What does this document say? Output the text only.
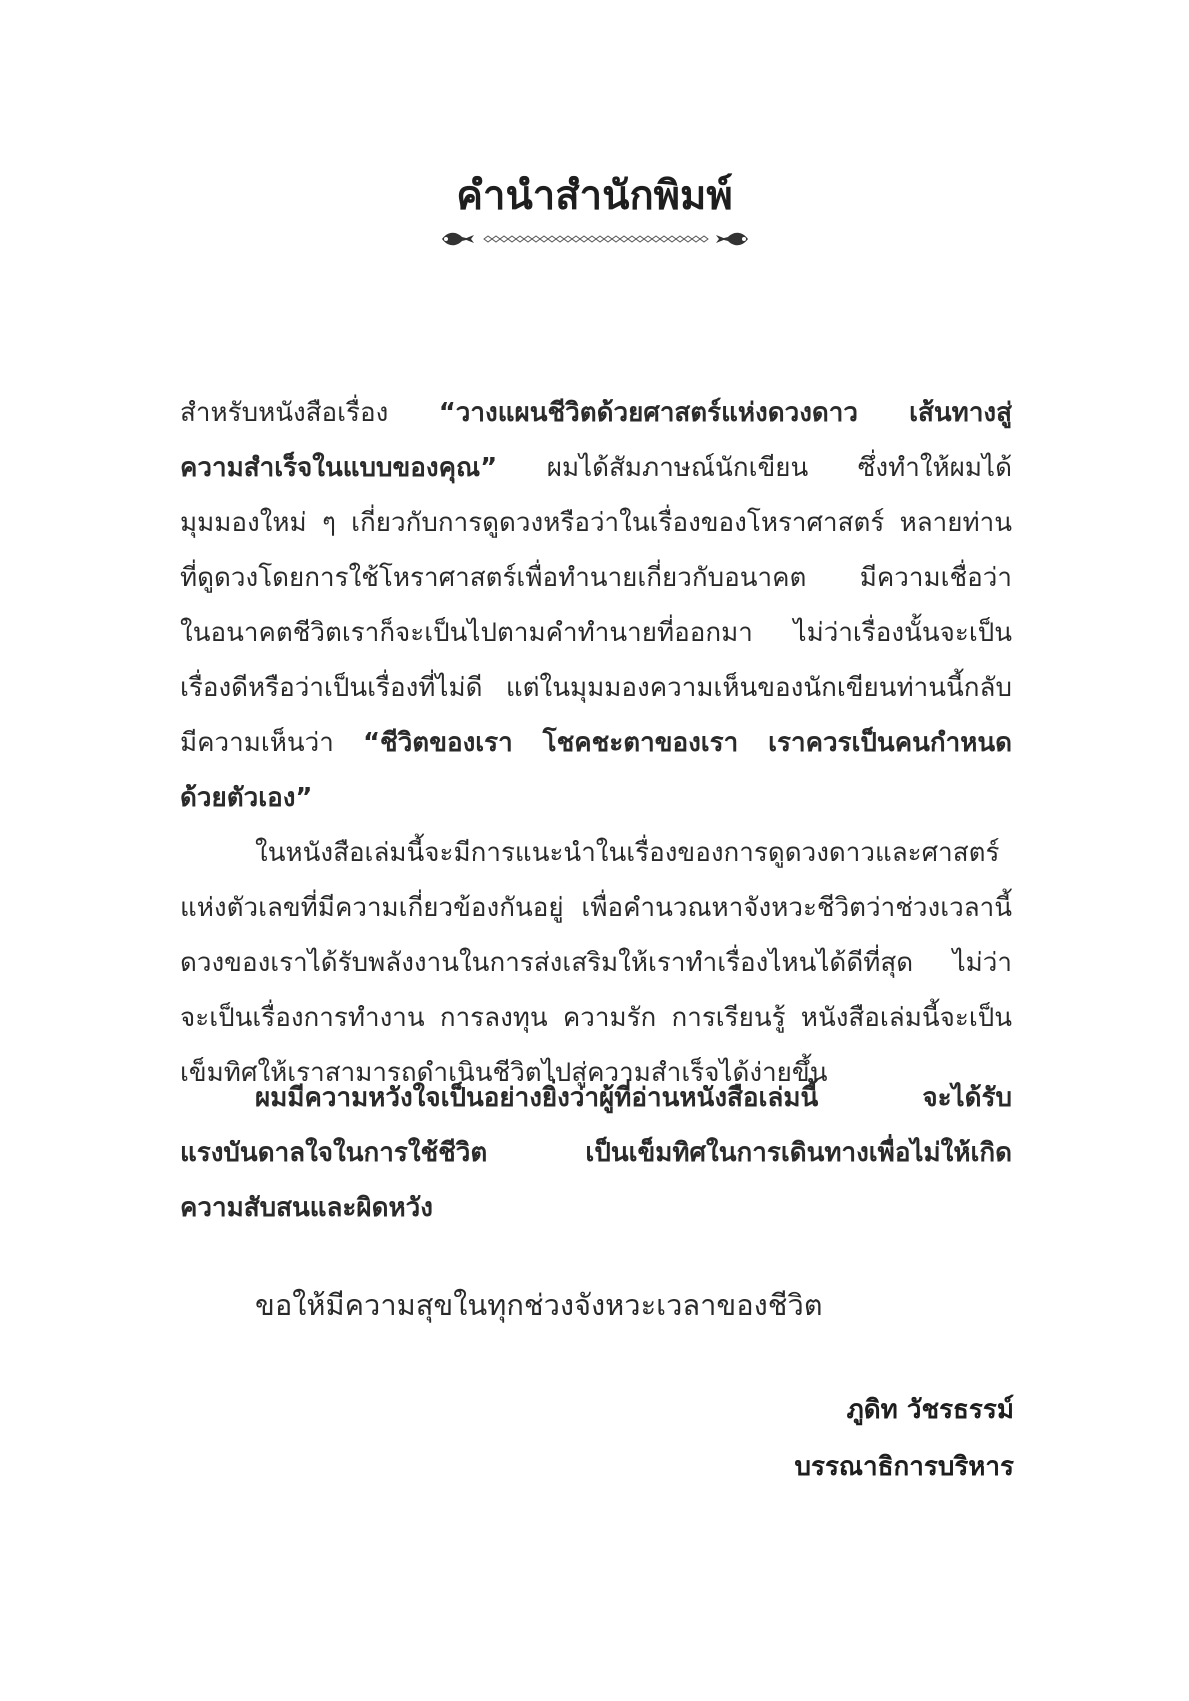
คำนำสำนักพิมพ์
สำหรับหนังสือเรื่อง “วางแผนชีวิตด้วยศาสตร์แห่งดวงดาว เส้นทางสู่
ความสำเร็จในแบบของคุณ” ผมได้สัมภาษณ์นักเขียน ซึ่งทำให้ผมได้
มุมมองใหม่ ๆ เกี่ยวกับการดูดวงหรือว่าในเรื่องของโหราศาสตร์ หลายท่าน
ที่ดูดวงโดยการใช้โหราศาสตร์เพื่อทำนายเกี่ยวกับอนาคต มีความเชื่อว่า
ในอนาคตชีวิตเราก็จะเป็นไปตามคำทำนายที่ออกมา ไม่ว่าเรื่องนั้นจะเป็น
เรื่องดีหรือว่าเป็นเรื่องที่ไม่ดี แต่ในมุมมองความเห็นของนักเขียนท่านนี้กลับ
มีความเห็นว่า “ชีวิตของเรา โชคชะตาของเรา เราควรเป็นคนกำหนด
ด้วยตัวเอง”
ในหนังสือเล่มนี้จะมีการแนะนำในเรื่องของการดูดวงดาวและศาสตร์
แห่งตัวเลขที่มีความเกี่ยวข้องกันอยู่ เพื่อคำนวณหาจังหวะชีวิตว่าช่วงเวลานี้
ดวงของเราได้รับพลังงานในการส่งเสริมให้เราทำเรื่องไหนได้ดีที่สุด ไม่ว่า
จะเป็นเรื่องการทำงาน การลงทุน ความรัก การเรียนรู้ หนังสือเล่มนี้จะเป็น
เข็มทิศให้เราสามารถดำเนินชีวิตไปสู่ความสำเร็จได้ง่ายขึ้น
ผมมีความหวังใจเป็นอย่างยิ่งว่าผู้ที่อ่านหนังสือเล่มนี้ จะได้รับ
แรงบันดาลใจในการใช้ชีวิต เป็นเข็มทิศในการเดินทางเพื่อไม่ให้เกิด
ความสับสนและผิดหวัง
ขอให้มีความสุขในทุกช่วงจังหวะเวลาของชีวิต
ภูดิท วัชรธรรม์
บรรณาธิการบริหาร
